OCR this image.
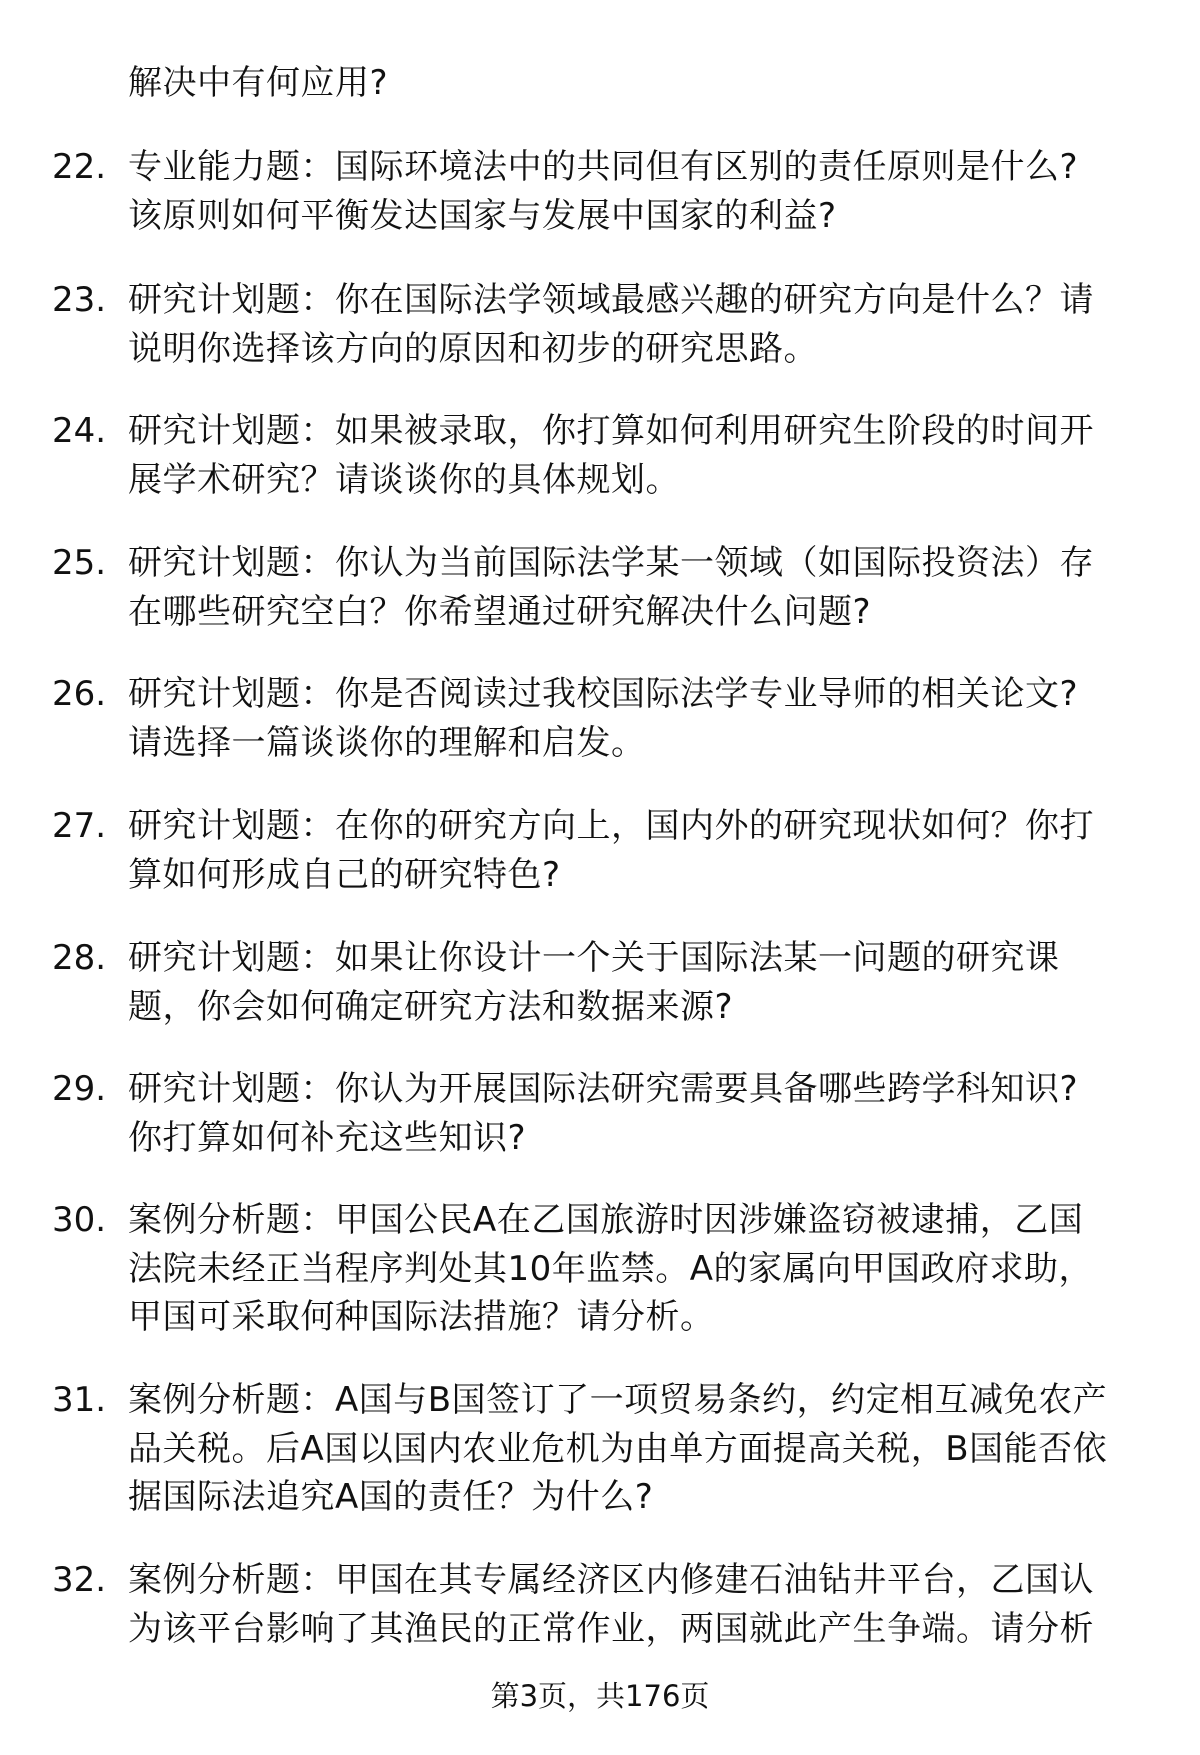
解决中有何应用?
22. 专业能力题：国际环境法中的共同但有区别的责任原则是什么?
该原则如何平衡发达国家与发展中国家的利益?
23. 研究计划题：你在国际法学领域最感兴趣的研究方向是什么？请
说明你选择该方向的原因和初步的研究思路。
24. 研究计划题：如果被录取，你打算如何利用研究生阶段的时间开
展学术研究？请谈谈你的具体规划。
25. 研究计划题：你认为当前国际法学某一领域（如国际投资法）存
在哪些研究空白？你希望通过研究解决什么问题?
26. 研究计划题：你是否阅读过我校国际法学专业导师的相关论文?
请选择一篇谈谈你的理解和启发。
27. 研究计划题：在你的研究方向上，国内外的研究现状如何？你打
算如何形成自己的研究特色?
28. 研究计划题：如果让你设计一个关于国际法某一问题的研究课
题，你会如何确定研究方法和数据来源?
29. 研究计划题：你认为开展国际法研究需要具备哪些跨学科知识?
你打算如何补充这些知识?
30. 案例分析题：甲国公民A在乙国旅游时因涉嫌盗窃被逮捕，乙国
法院未经正当程序判处其10年监禁。A的家属向甲国政府求助，
甲国可采取何种国际法措施？请分析。
31. 案例分析题：A国与B国签订了一项贸易条约，约定相互减免农产
品关税。后A国以国内农业危机为由单方面提高关税，B国能否依
据国际法追究A国的责任？为什么?
32. 案例分析题：甲国在其专属经济区内修建石油钻井平台，乙国认
为该平台影响了其渔民的正常作业，两国就此产生争端。请分析
第3页，共176页
